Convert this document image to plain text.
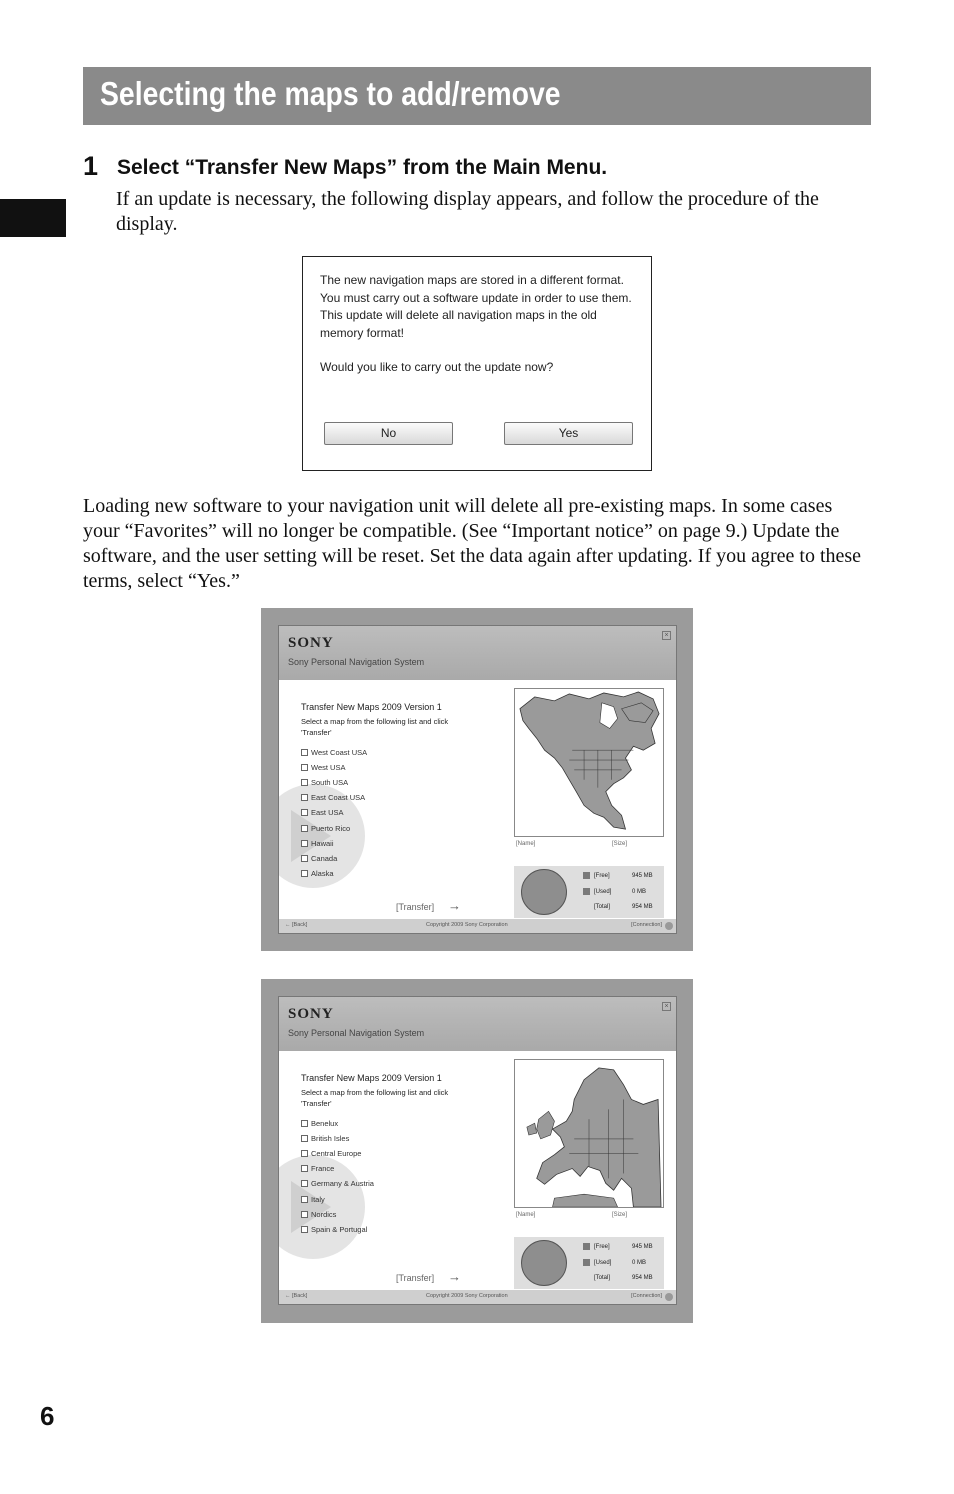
Selecting the maps to add/remove
1 Select “Transfer New Maps” from the Main Menu.
If an update is necessary, the following display appears, and follow the procedure of the display.

The new navigation maps are stored in a different format. You must carry out a software update in order to use them. This update will delete all navigation maps in the old memory format!

Would you like to carry out the update now?

No	Yes
Loading new software to your navigation unit will delete all pre-existing maps. In some cases your “Favorites” will no longer be compatible. (See “Important notice” on page 9.) Update the software, and the user setting will be reset. Set the data again after updating. If you agree to these terms, select “Yes.”
SONY
Sony Personal Navigation System
×
Transfer New Maps 2009 Version 1
Select a map from the following list and click 'Transfer'
West Coast USA
West USA
South USA
East Coast USA
East USA
Puerto Rico
Hawaii
Canada
Alaska
[Name]	[Size]
[Free]	945 MB
[Used]	0 MB
[Total]	954 MB
[Transfer] →
← [Back]	Copyright 2009 Sony Corporation	[Connection]
SONY
Sony Personal Navigation System
×
Transfer New Maps 2009 Version 1
Select a map from the following list and click 'Transfer'
Benelux
British Isles
Central Europe
France
Germany & Austria
Italy
Nordics
Spain & Portugal
[Name]	[Size]
[Free]	945 MB
[Used]	0 MB
[Total]	954 MB
[Transfer] →
← [Back]	Copyright 2009 Sony Corporation	[Connection]
6
